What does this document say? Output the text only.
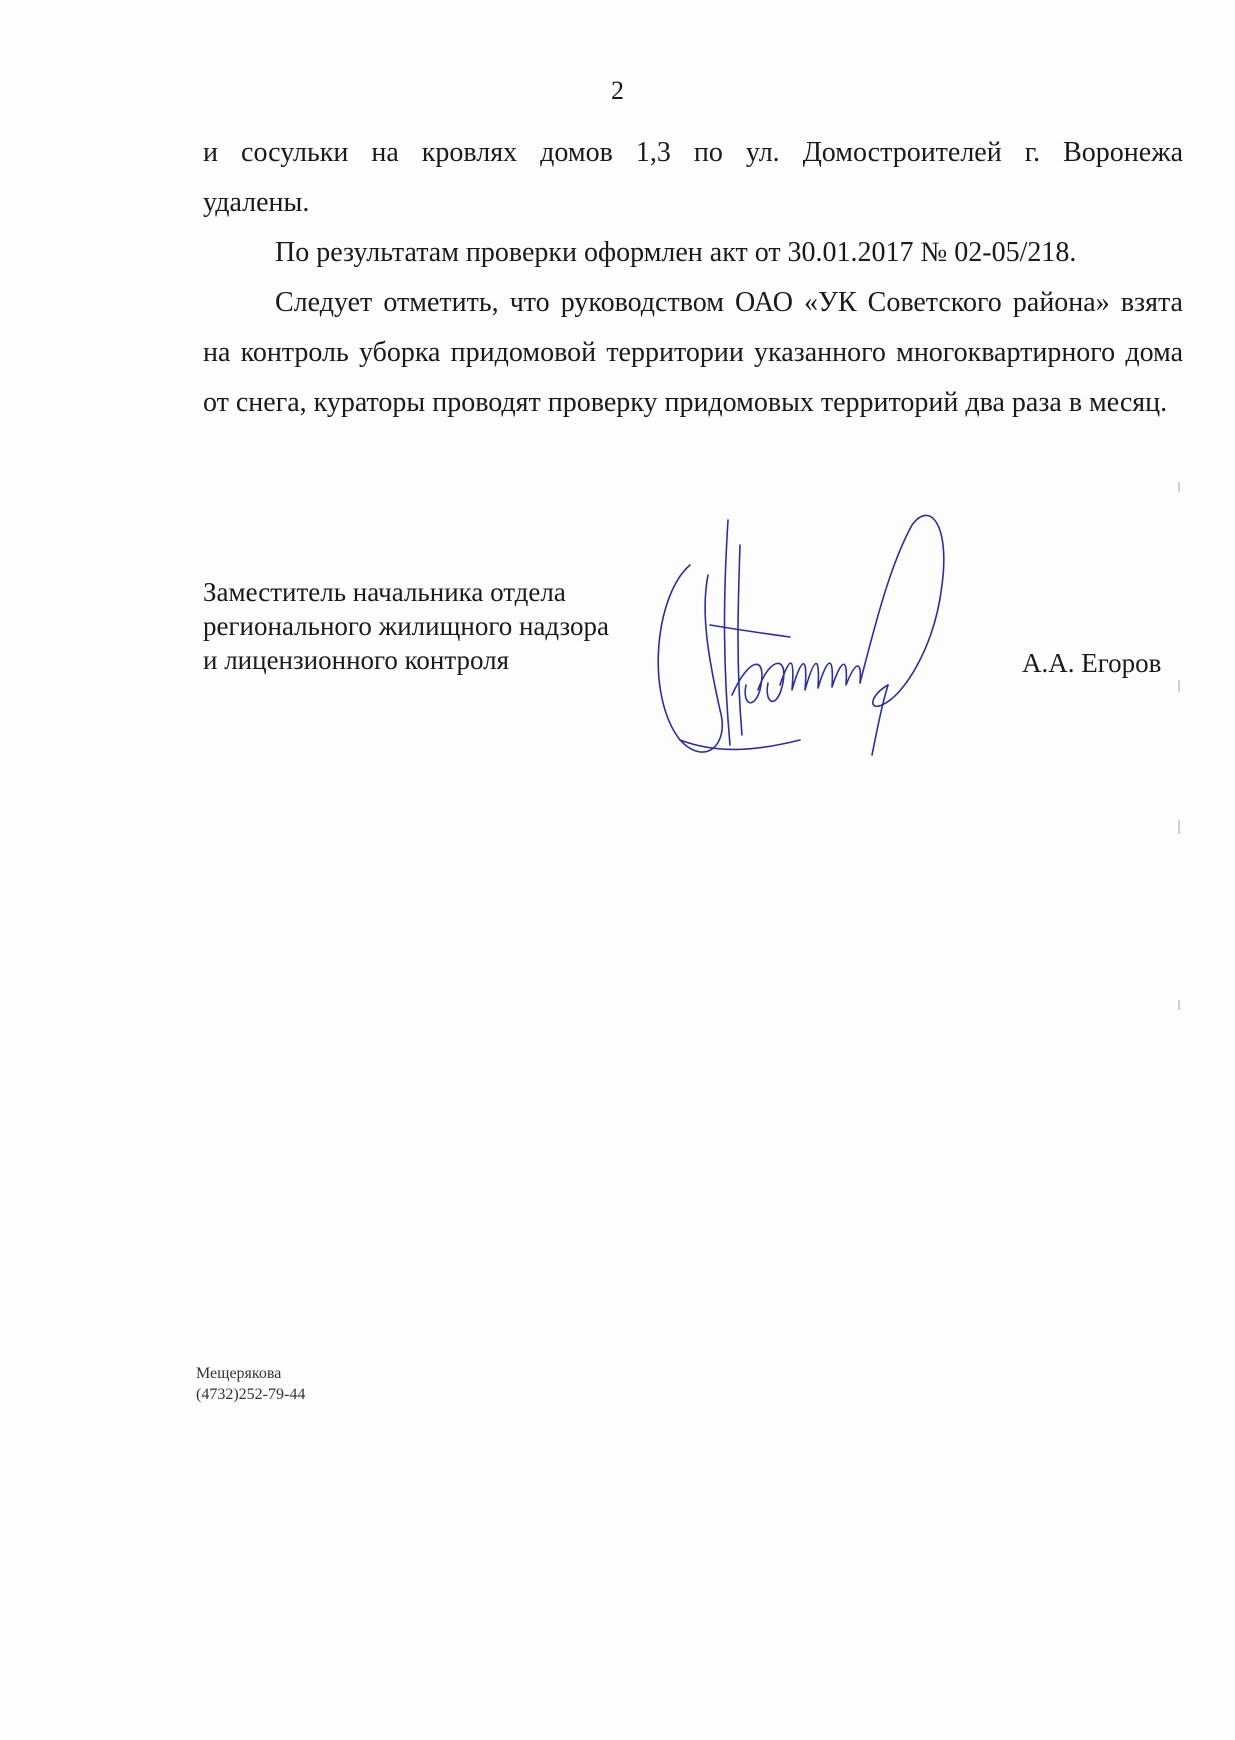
2

и сосульки на кровлях домов 1,3 по ул. Домостроителей г. Воронежа удалены.

По результатам проверки оформлен акт от 30.01.2017 № 02-05/218.

Следует отметить, что руководством ОАО «УК Советского района» взята на контроль уборка придомовой территории указанного многоквартирного дома от снега, кураторы проводят проверку придомовых территорий два раза в месяц.

Заместитель начальника отдела
регионального жилищного надзора
и лицензионного контроля	А.А. Егоров
Мещерякова
(4732)252-79-44
